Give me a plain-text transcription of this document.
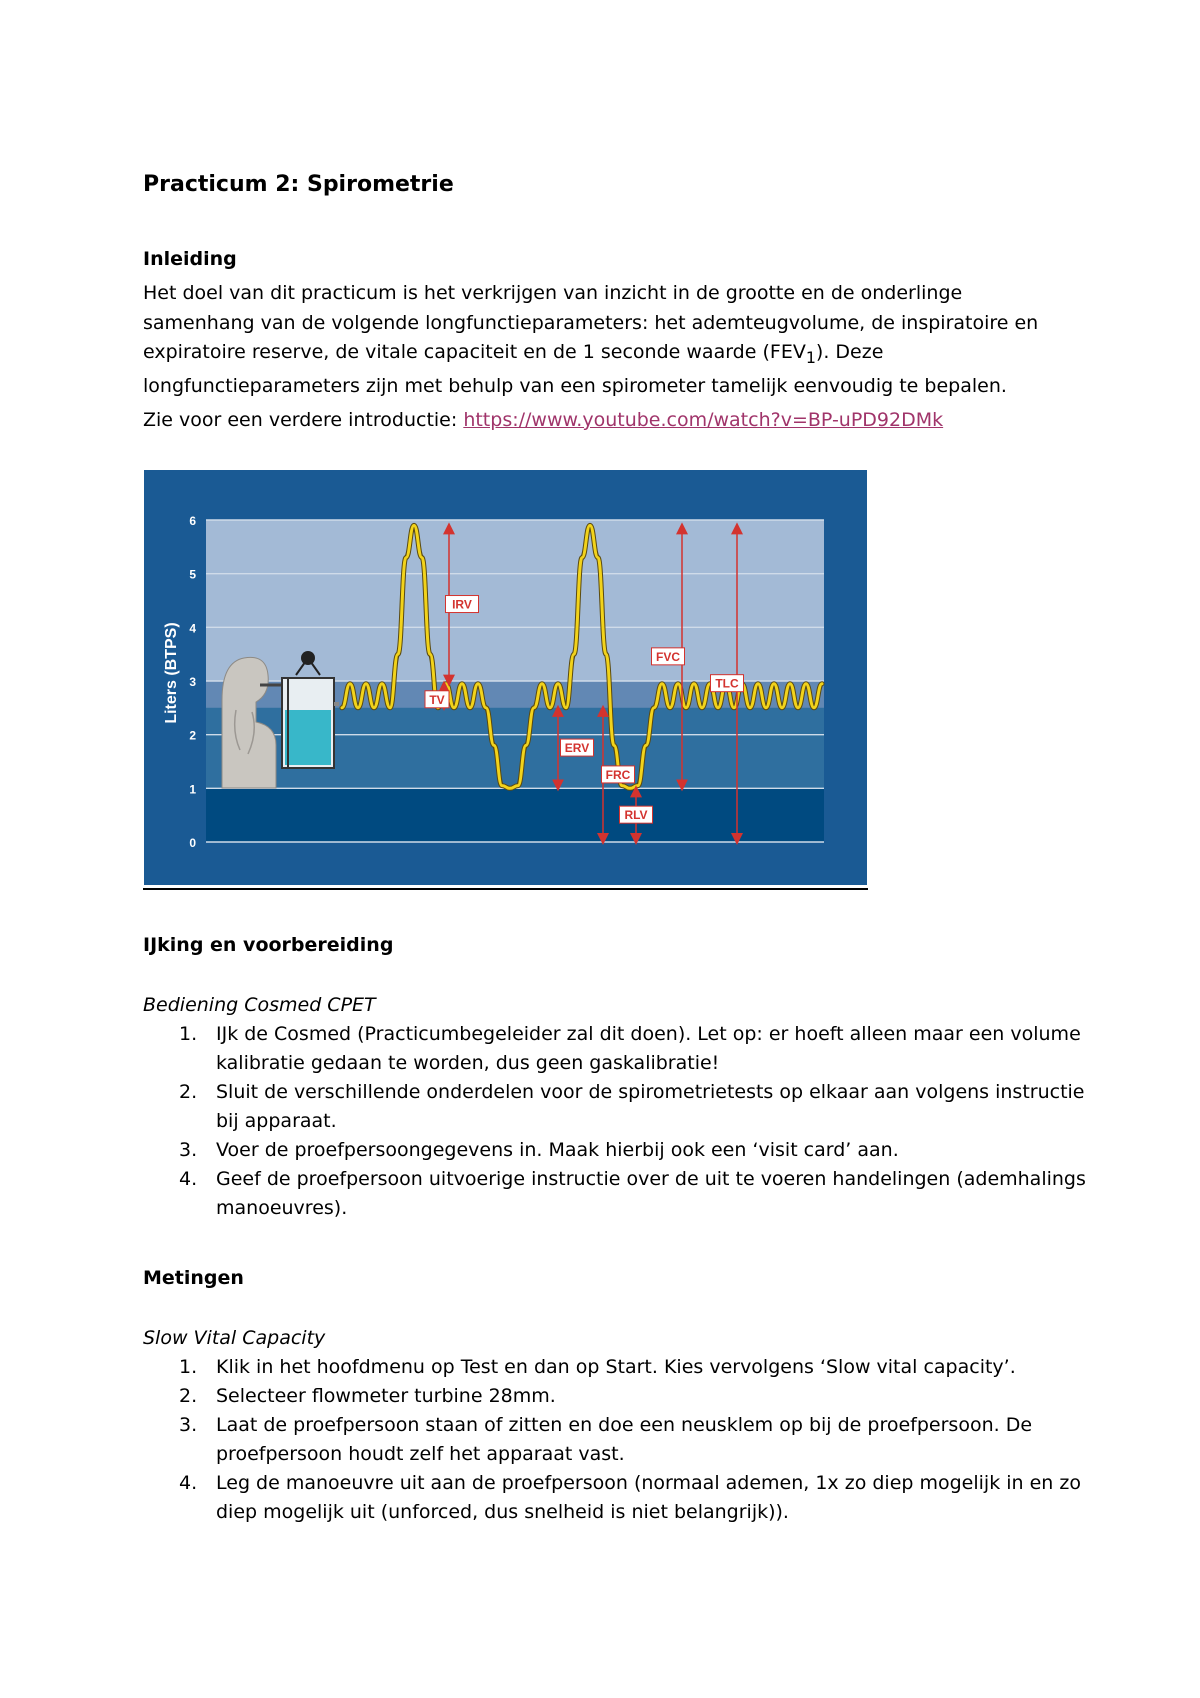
Practicum 2: Spirometrie
Inleiding

Het doel van dit practicum is het verkrijgen van inzicht in de grootte en de onderlinge samenhang van de volgende longfunctieparameters: het ademteugvolume, de inspiratoire en expiratoire reserve, de vitale capaciteit en de 1 seconde waarde $(FEV_1)$. Deze longfunctieparameters zijn met behulp van een spirometer tamelijk eenvoudig te bepalen.
Zie voor een verdere introductie: https://www.youtube.com/watch?v=BP-uPD92DMk

0
1
2
3
4
5
6
Liters (BTPS)
IRV
TV
ERV
FRC
RLV
FVC
TLC
IJking en voorbereiding

Bediening Cosmed CPET

1. IJk de Cosmed (Practicumbegeleider zal dit doen). Let op: er hoeft alleen maar een volume kalibratie gedaan te worden, dus geen gaskalibratie!
2. Sluit de verschillende onderdelen voor de spirometrietests op elkaar aan volgens instructie bij apparaat.
3. Voer de proefpersoongegevens in. Maak hierbij ook een ‘visit card’ aan.
4. Geef de proefpersoon uitvoerige instructie over de uit te voeren handelingen (ademhalings manoeuvres).
Metingen

Slow Vital Capacity

1. Klik in het hoofdmenu op Test en dan op Start. Kies vervolgens ‘Slow vital capacity’.
2. Selecteer flowmeter turbine 28mm.
3. Laat de proefpersoon staan of zitten en doe een neusklem op bij de proefpersoon. De proefpersoon houdt zelf het apparaat vast.
4. Leg de manoeuvre uit aan de proefpersoon (normaal ademen, 1x zo diep mogelijk in en zo diep mogelijk uit (unforced, dus snelheid is niet belangrijk)).
